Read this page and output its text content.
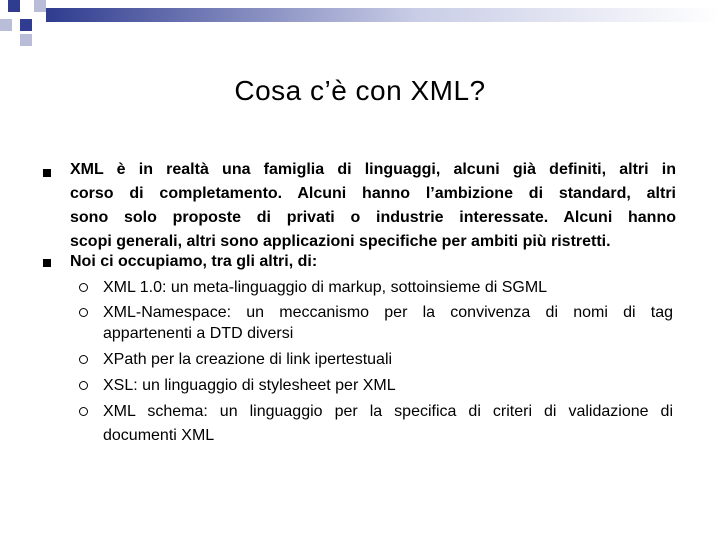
Cosa c’è con XML?
XML è in realtà una famiglia di linguaggi, alcuni già definiti, altri in
corso di completamento. Alcuni hanno l’ambizione di standard, altri
sono solo proposte di privati o industrie interessate. Alcuni hanno
scopi generali, altri sono applicazioni specifiche per ambiti più ristretti.
Noi ci occupiamo, tra gli altri, di:
XML 1.0: un meta-linguaggio di markup, sottoinsieme di SGML
XML-Namespace: un meccanismo per la convivenza di nomi di tag
appartenenti a DTD diversi
XPath per la creazione di link ipertestuali
XSL: un linguaggio di stylesheet per XML
XML schema: un linguaggio per la specifica di criteri di validazione di
documenti XML
